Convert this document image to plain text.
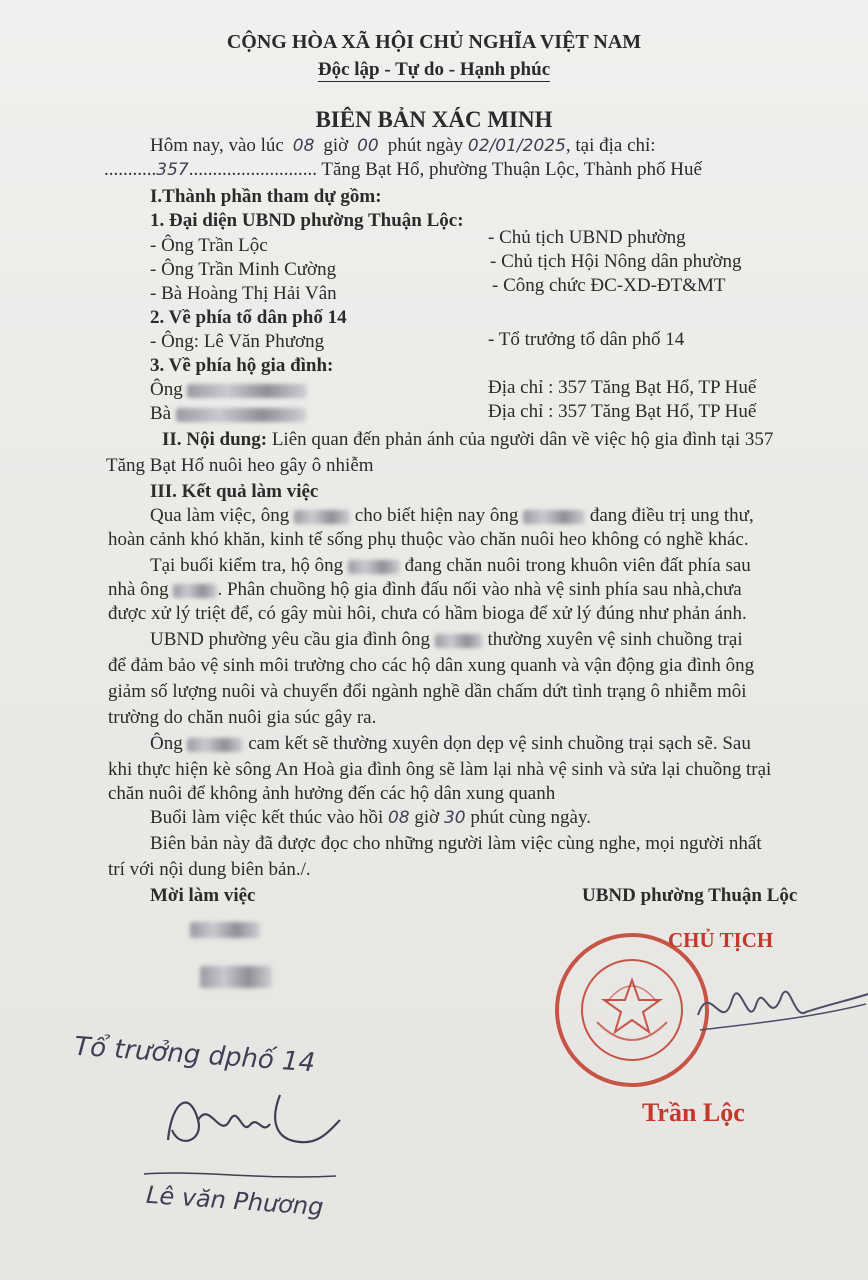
CỘNG HÒA XÃ HỘI CHỦ NGHĨA VIỆT NAM
Độc lập - Tự do - Hạnh phúc
BIÊN BẢN XÁC MINH
Hôm nay, vào lúc 08 giờ 00 phút ngày 02/01/2025, tại địa chỉ:
...........357........................... Tăng Bạt Hổ, phường Thuận Lộc, Thành phố Huế
I.Thành phần tham dự gồm:
1. Đại diện UBND phường Thuận Lộc:
- Ông Trần Lộc	- Chủ tịch UBND phường
- Ông Trần Minh Cường	- Chủ tịch Hội Nông dân phường
- Bà Hoàng Thị Hải Vân	- Công chức ĐC-XD-ĐT&MT
2. Về phía tổ dân phố 14
- Ông: Lê Văn Phương	- Tổ trưởng tổ dân phố 14
3. Về phía hộ gia đình:
Ông	Địa chỉ : 357 Tăng Bạt Hổ, TP Huế
Bà	Địa chỉ : 357 Tăng Bạt Hổ, TP Huế
II. Nội dung: Liên quan đến phản ánh của người dân về việc hộ gia đình tại 357
Tăng Bạt Hổ nuôi heo gây ô nhiễm
III. Kết quả làm việc
Qua làm việc, ông	cho biết hiện nay ông	đang điều trị ung thư,
hoàn cảnh khó khăn, kinh tế sống phụ thuộc vào chăn nuôi heo không có nghề khác.
Tại buổi kiểm tra, hộ ông	đang chăn nuôi trong khuôn viên đất phía sau
nhà ông	. Phân chuồng hộ gia đình đấu nối vào nhà vệ sinh phía sau nhà,chưa
được xử lý triệt để, có gây mùi hôi, chưa có hầm bioga để xử lý đúng như phản ánh.
UBND phường yêu cầu gia đình ông	thường xuyên vệ sinh chuồng trại
để đảm bảo vệ sinh môi trường cho các hộ dân xung quanh và vận động gia đình ông
giảm số lượng nuôi và chuyển đổi ngành nghề dần chấm dứt tình trạng ô nhiễm môi
trường do chăn nuôi gia súc gây ra.
Ông	cam kết sẽ thường xuyên dọn dẹp vệ sinh chuồng trại sạch sẽ. Sau
khi thực hiện kè sông An Hoà gia đình ông sẽ làm lại nhà vệ sinh và sửa lại chuồng trại
chăn nuôi để không ảnh hưởng đến các hộ dân xung quanh
Buổi làm việc kết thúc vào hồi 08 giờ 30 phút cùng ngày.
Biên bản này đã được đọc cho những người làm việc cùng nghe, mọi người nhất
trí với nội dung biên bản./.
Mời làm việc	UBND phường Thuận Lộc
CHỦ TỊCH
Trần Lộc
Tổ trưởng dphố 14
Lê văn Phương
